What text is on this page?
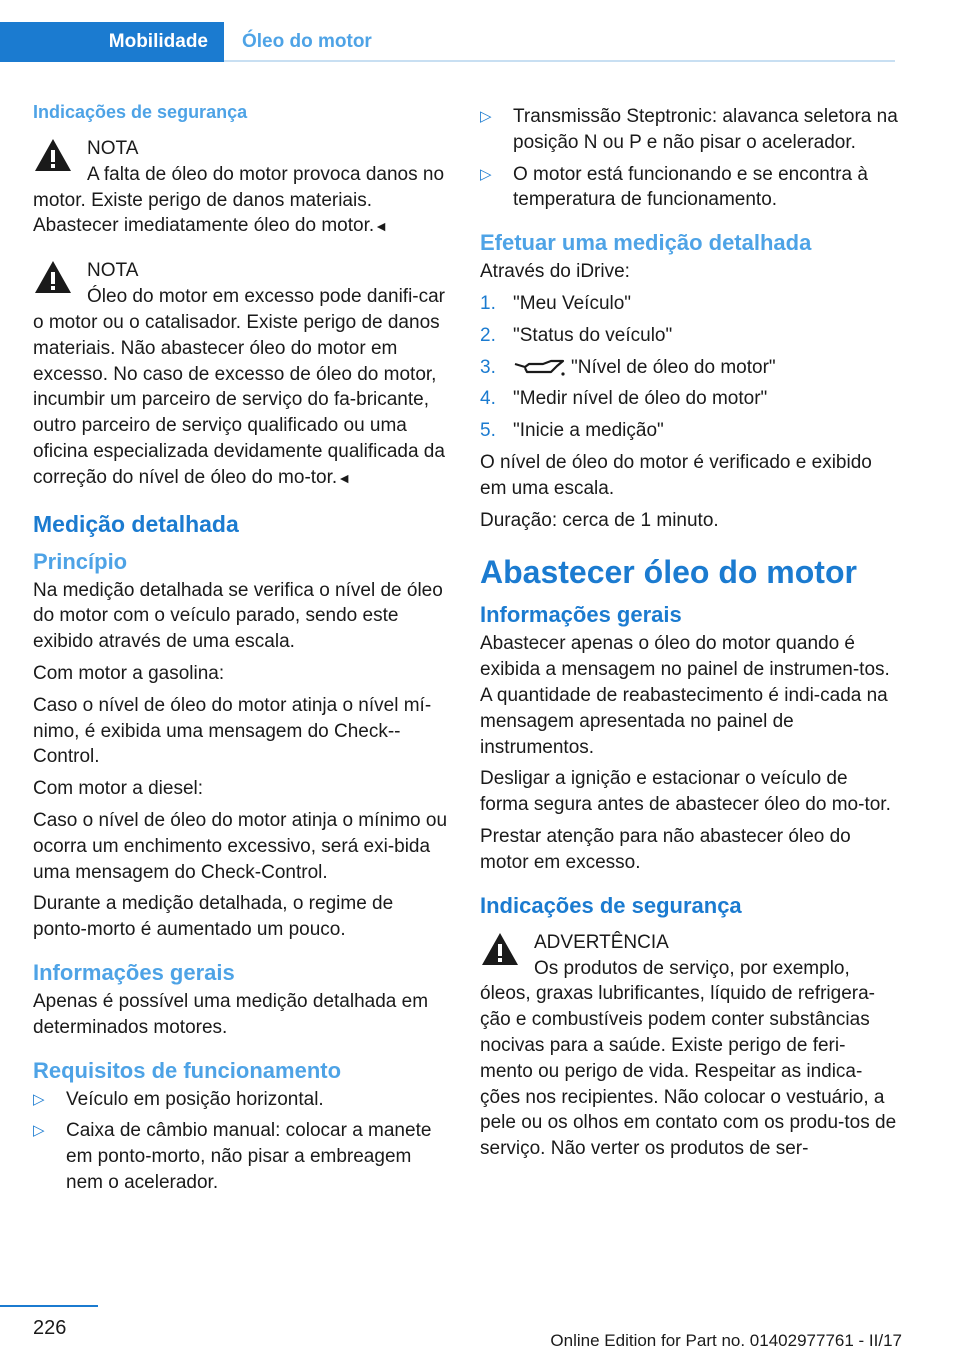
Mobilidade	Óleo do motor
Indicações de segurança
NOTA
A falta de óleo do motor provoca danos no motor. Existe perigo de danos materiais. Abastecer imediatamente óleo do motor.◄
NOTA
Óleo do motor em excesso pode danifi-car o motor ou o catalisador. Existe perigo de danos materiais. Não abastecer óleo do motor em excesso. No caso de excesso de óleo do motor, incumbir um parceiro de serviço do fa-bricante, outro parceiro de serviço qualificado ou uma oficina especializada devidamente qualificada da correção do nível de óleo do mo-tor.◄
Medição detalhada
Princípio

Na medição detalhada se verifica o nível de óleo do motor com o veículo parado, sendo este exibido através de uma escala.

Com motor a gasolina:

Caso o nível de óleo do motor atinja o nível mí-nimo, é exibida uma mensagem do Check--Control.

Com motor a diesel:

Caso o nível de óleo do motor atinja o mínimo ou ocorra um enchimento excessivo, será exi-bida uma mensagem do Check-Control.

Durante a medição detalhada, o regime de ponto-morto é aumentado um pouco.

Informações gerais

Apenas é possível uma medição detalhada em determinados motores.

Requisitos de funcionamento
▷ Veículo em posição horizontal.
▷ Caixa de câmbio manual: colocar a manete em ponto-morto, não pisar a embreagem nem o acelerador.
▷ Transmissão Steptronic: alavanca seletora na posição N ou P e não pisar o acelerador.
▷ O motor está funcionando e se encontra à temperatura de funcionamento.
Efetuar uma medição detalhada

Através do iDrive:

1. "Meu Veículo"
2. "Status do veículo"
3.	"Nível de óleo do motor"
4. "Medir nível de óleo do motor"
5. "Inicie a medição"

O nível de óleo do motor é verificado e exibido em uma escala.

Duração: cerca de 1 minuto.

Abastecer óleo do motor
Informações gerais

Abastecer apenas o óleo do motor quando é exibida a mensagem no painel de instrumen-tos. A quantidade de reabastecimento é indi-cada na mensagem apresentada no painel de instrumentos.

Desligar a ignição e estacionar o veículo de forma segura antes de abastecer óleo do mo-tor.

Prestar atenção para não abastecer óleo do motor em excesso.

Indicações de segurança
ADVERTÊNCIA
Os produtos de serviço, por exemplo, óleos, graxas lubrificantes, líquido de refrigera-ção e combustíveis podem conter substâncias nocivas para a saúde. Existe perigo de feri-mento ou perigo de vida. Respeitar as indica-ções nos recipientes. Não colocar o vestuário, a pele ou os olhos em contato com os produ-tos de serviço. Não verter os produtos de ser-
226
Online Edition for Part no. 01402977761 - II/17
